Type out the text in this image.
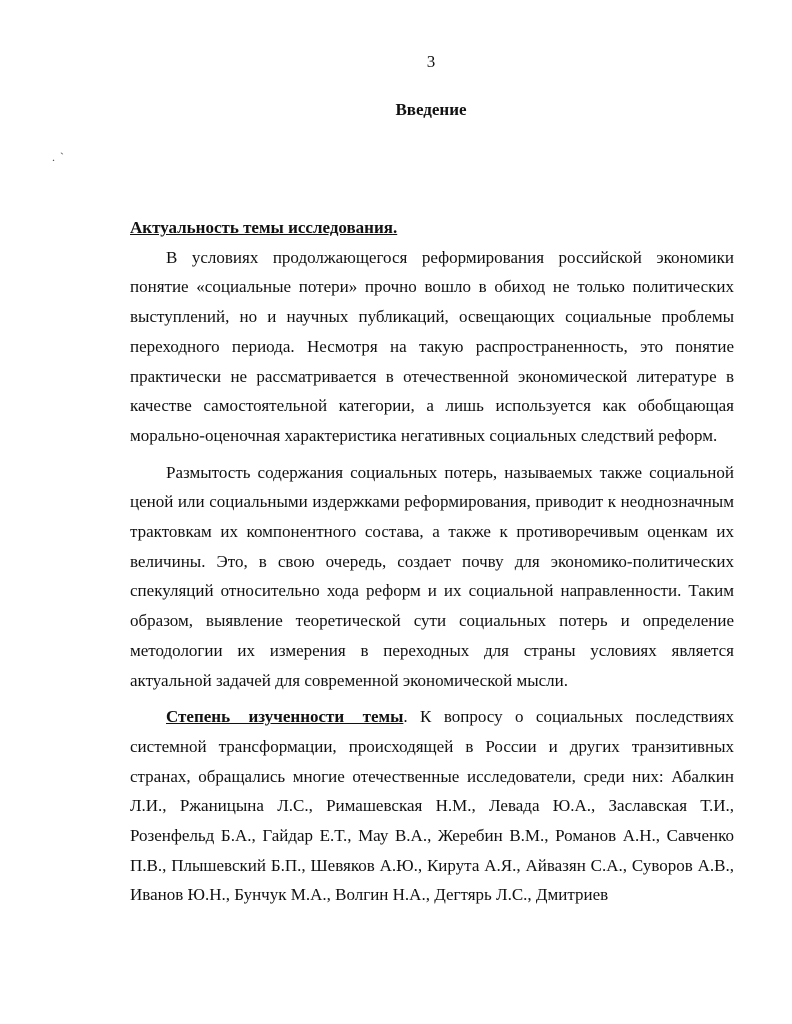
3
Введение
. `

Актуальность темы исследования.

В условиях продолжающегося реформирования российской экономики понятие «социальные потери» прочно вошло в обиход не только политических выступлений, но и научных публикаций, освещающих социальные проблемы переходного периода. Несмотря на такую распространенность, это понятие практически не рассматривается в отечественной экономической литературе в качестве самостоятельной категории, а лишь используется как обобщающая морально-оценочная характеристика негативных социальных следствий реформ.

Размытость содержания социальных потерь, называемых также социальной ценой или социальными издержками реформирования, приводит к неоднозначным трактовкам их компонентного состава, а также к противоречивым оценкам их величины. Это, в свою очередь, создает почву для экономико-политических спекуляций относительно хода реформ и их социальной направленности. Таким образом, выявление теоретической сути социальных потерь и определение методологии их измерения в переходных для страны условиях является актуальной задачей для современной экономической мысли.

Степень изученности темы. К вопросу о социальных последствиях системной трансформации, происходящей в России и других транзитивных странах, обращались многие отечественные исследователи, среди них: Абалкин Л.И., Ржаницына Л.С., Римашевская Н.М., Левада Ю.А., Заславская Т.И., Розенфельд Б.А., Гайдар Е.Т., Мау В.А., Жеребин В.М., Романов А.Н., Савченко П.В., Плышевский Б.П., Шевяков А.Ю., Кирута А.Я., Айвазян С.А., Суворов А.В., Иванов Ю.Н., Бунчук М.А., Волгин Н.А., Дегтярь Л.С., Дмитриев
